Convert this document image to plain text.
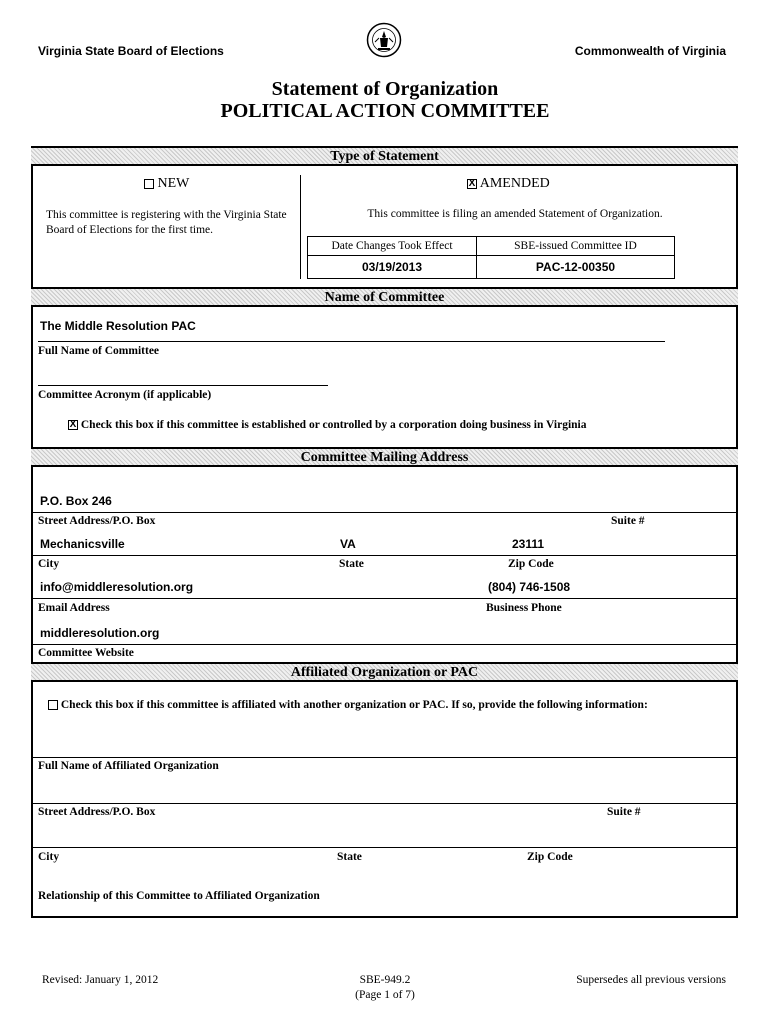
Virginia State Board of Elections	Commonwealth of Virginia
Statement of Organization
POLITICAL ACTION COMMITTEE
Type of Statement
NEW
This committee is registering with the Virginia State Board of Elections for the first time.
X AMENDED
This committee is filing an amended Statement of Organization.
Date Changes Took Effect	SBE-issued Committee ID
03/19/2013	PAC-12-00350
Name of Committee
The Middle Resolution PAC
Full Name of Committee
Committee Acronym (if applicable)
X Check this box if this committee is established or controlled by a corporation doing business in Virginia
Committee Mailing Address
P.O. Box 246
Street Address/P.O. Box	Suite #
Mechanicsville	VA	23111
City	State	Zip Code
info@middleresolution.org	(804) 746-1508
Email Address	Business Phone
middleresolution.org
Committee Website
Affiliated Organization or PAC
Check this box if this committee is affiliated with another organization or PAC. If so, provide the following information:
Full Name of Affiliated Organization
Street Address/P.O. Box	Suite #
City	State	Zip Code
Relationship of this Committee to Affiliated Organization
Revised: January 1, 2012	SBE-949.2
(Page 1 of 7)
Supersedes all previous versions
